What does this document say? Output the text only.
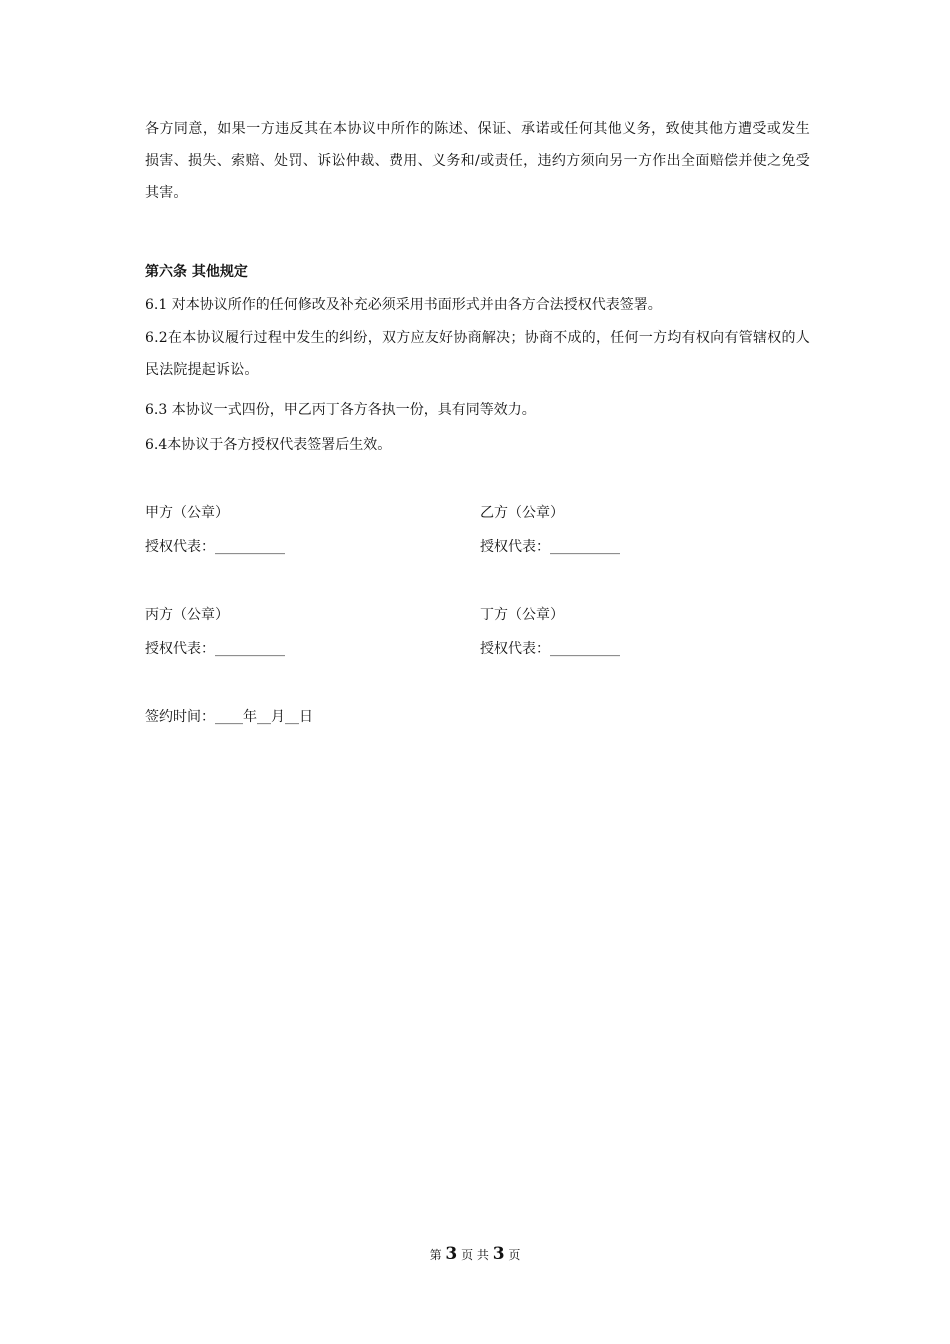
各方同意，如果一方违反其在本协议中所作的陈述、保证、承诺或任何其他义务，致使其他方遭受或发生损害、损失、索赔、处罚、诉讼仲裁、费用、义务和/或责任，违约方须向另一方作出全面赔偿并使之免受其害。
第六条 其他规定
6.1 对本协议所作的任何修改及补充必须采用书面形式并由各方合法授权代表签署。
6.2在本协议履行过程中发生的纠纷，双方应友好协商解决；协商不成的，任何一方均有权向有管辖权的人民法院提起诉讼。
6.3 本协议一式四份，甲乙丙丁各方各执一份，具有同等效力。
6.4本协议于各方授权代表签署后生效。
甲方（公章）	乙方（公章）
授权代表：__________	授权代表：__________
丙方（公章）	丁方（公章）
授权代表：__________	授权代表：__________
签约时间：____年__月__日
第 3 页 共 3 页
